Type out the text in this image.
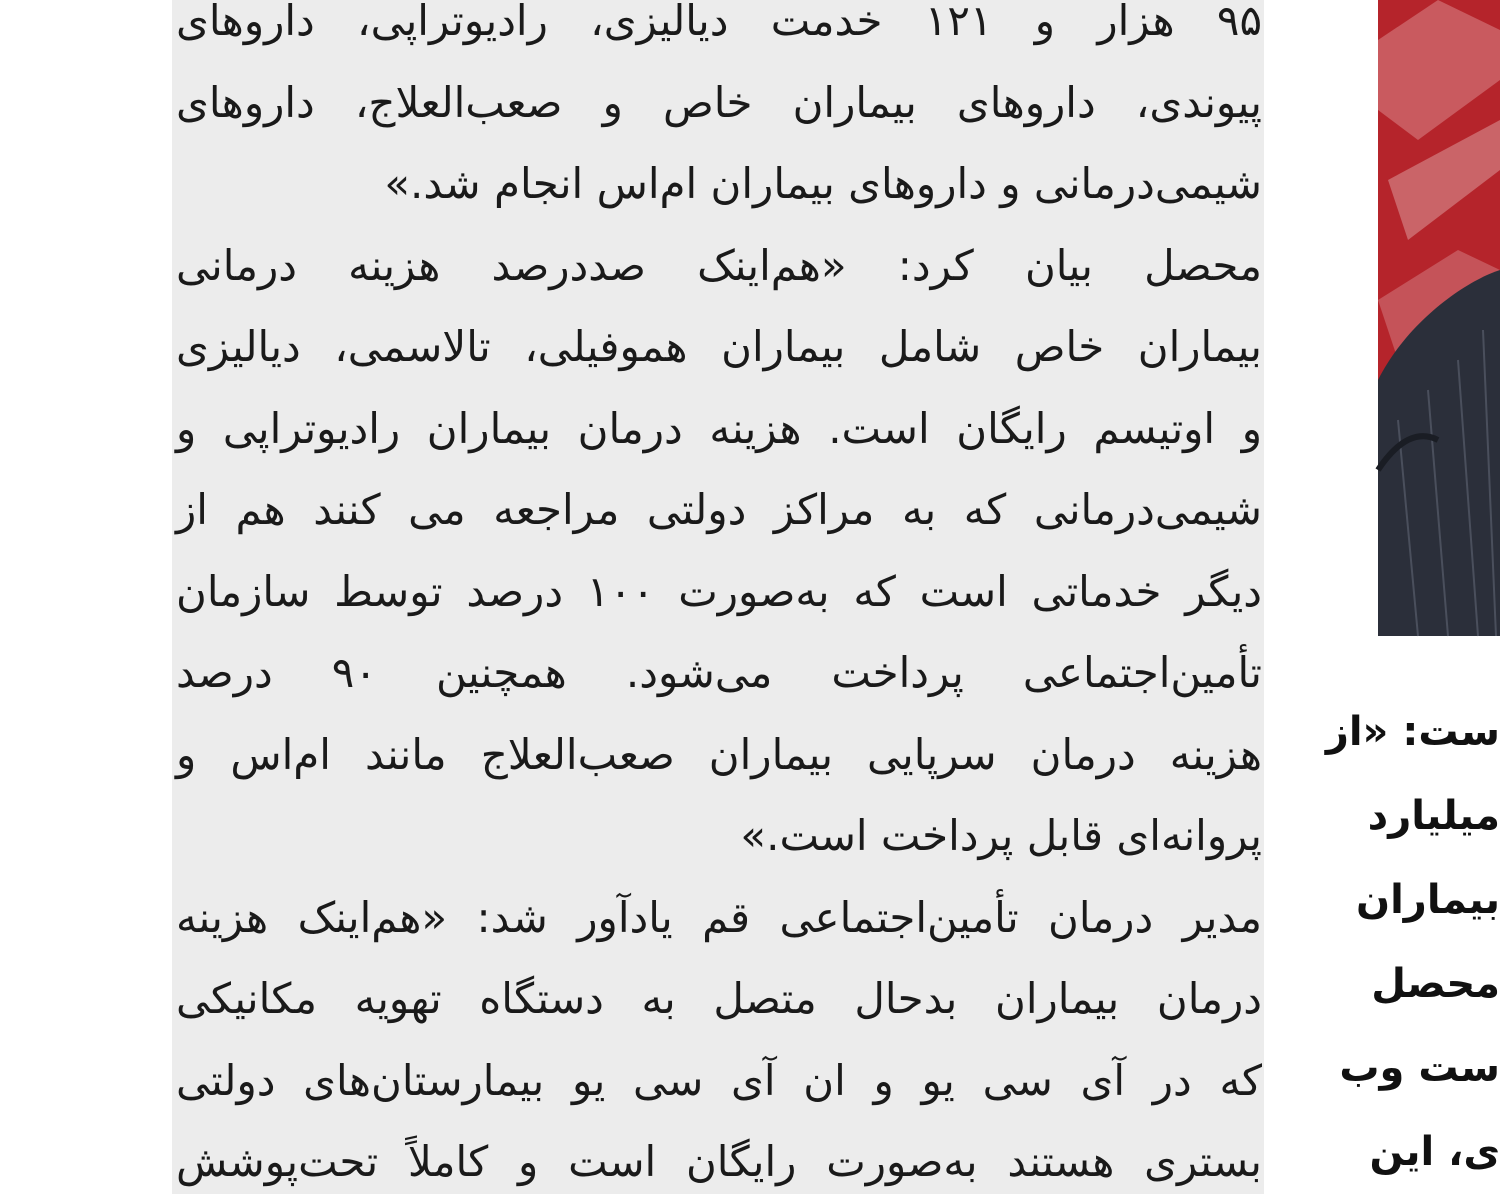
۹۵ هزار و ۱۲۱ خدمت دیالیزی، رادیوتراپی، داروهای
پیوندی، داروهای بیماران خاص و صعب‌العلاج، داروهای
شیمی‌درمانی و داروهای بیماران ام‌اس انجام شد.»
محصل بیان کرد: «هم‌اینک صددرصد هزینه درمانی
بیماران خاص شامل بیماران هموفیلی، تالاسمی، دیالیزی
و اوتیسم رایگان است. هزینه درمان بیماران رادیوتراپی و
شیمی‌درمانی که به مراکز دولتی مراجعه می کنند هم از
دیگر خدماتی است که به‌صورت ۱۰۰ درصد توسط سازمان
تأمین‌اجتماعی پرداخت می‌شود. همچنین ۹۰ درصد
هزینه درمان سرپایی بیماران صعب‌العلاج مانند ام‌اس و
پروانه‌ای قابل پرداخت است.»
مدیر درمان تأمین‌اجتماعی قم یادآور شد: «هم‌اینک هزینه
درمان بیماران بدحال متصل به دستگاه تهویه مکانیکی
که در آی سی یو و ان آی سی یو بیمارستان‌های دولتی
بستری هستند به‌صورت رایگان است و کاملاً تحت‌پوشش
ست: «از
میلیارد
بیماران
محصل
ست وب
ی، این
